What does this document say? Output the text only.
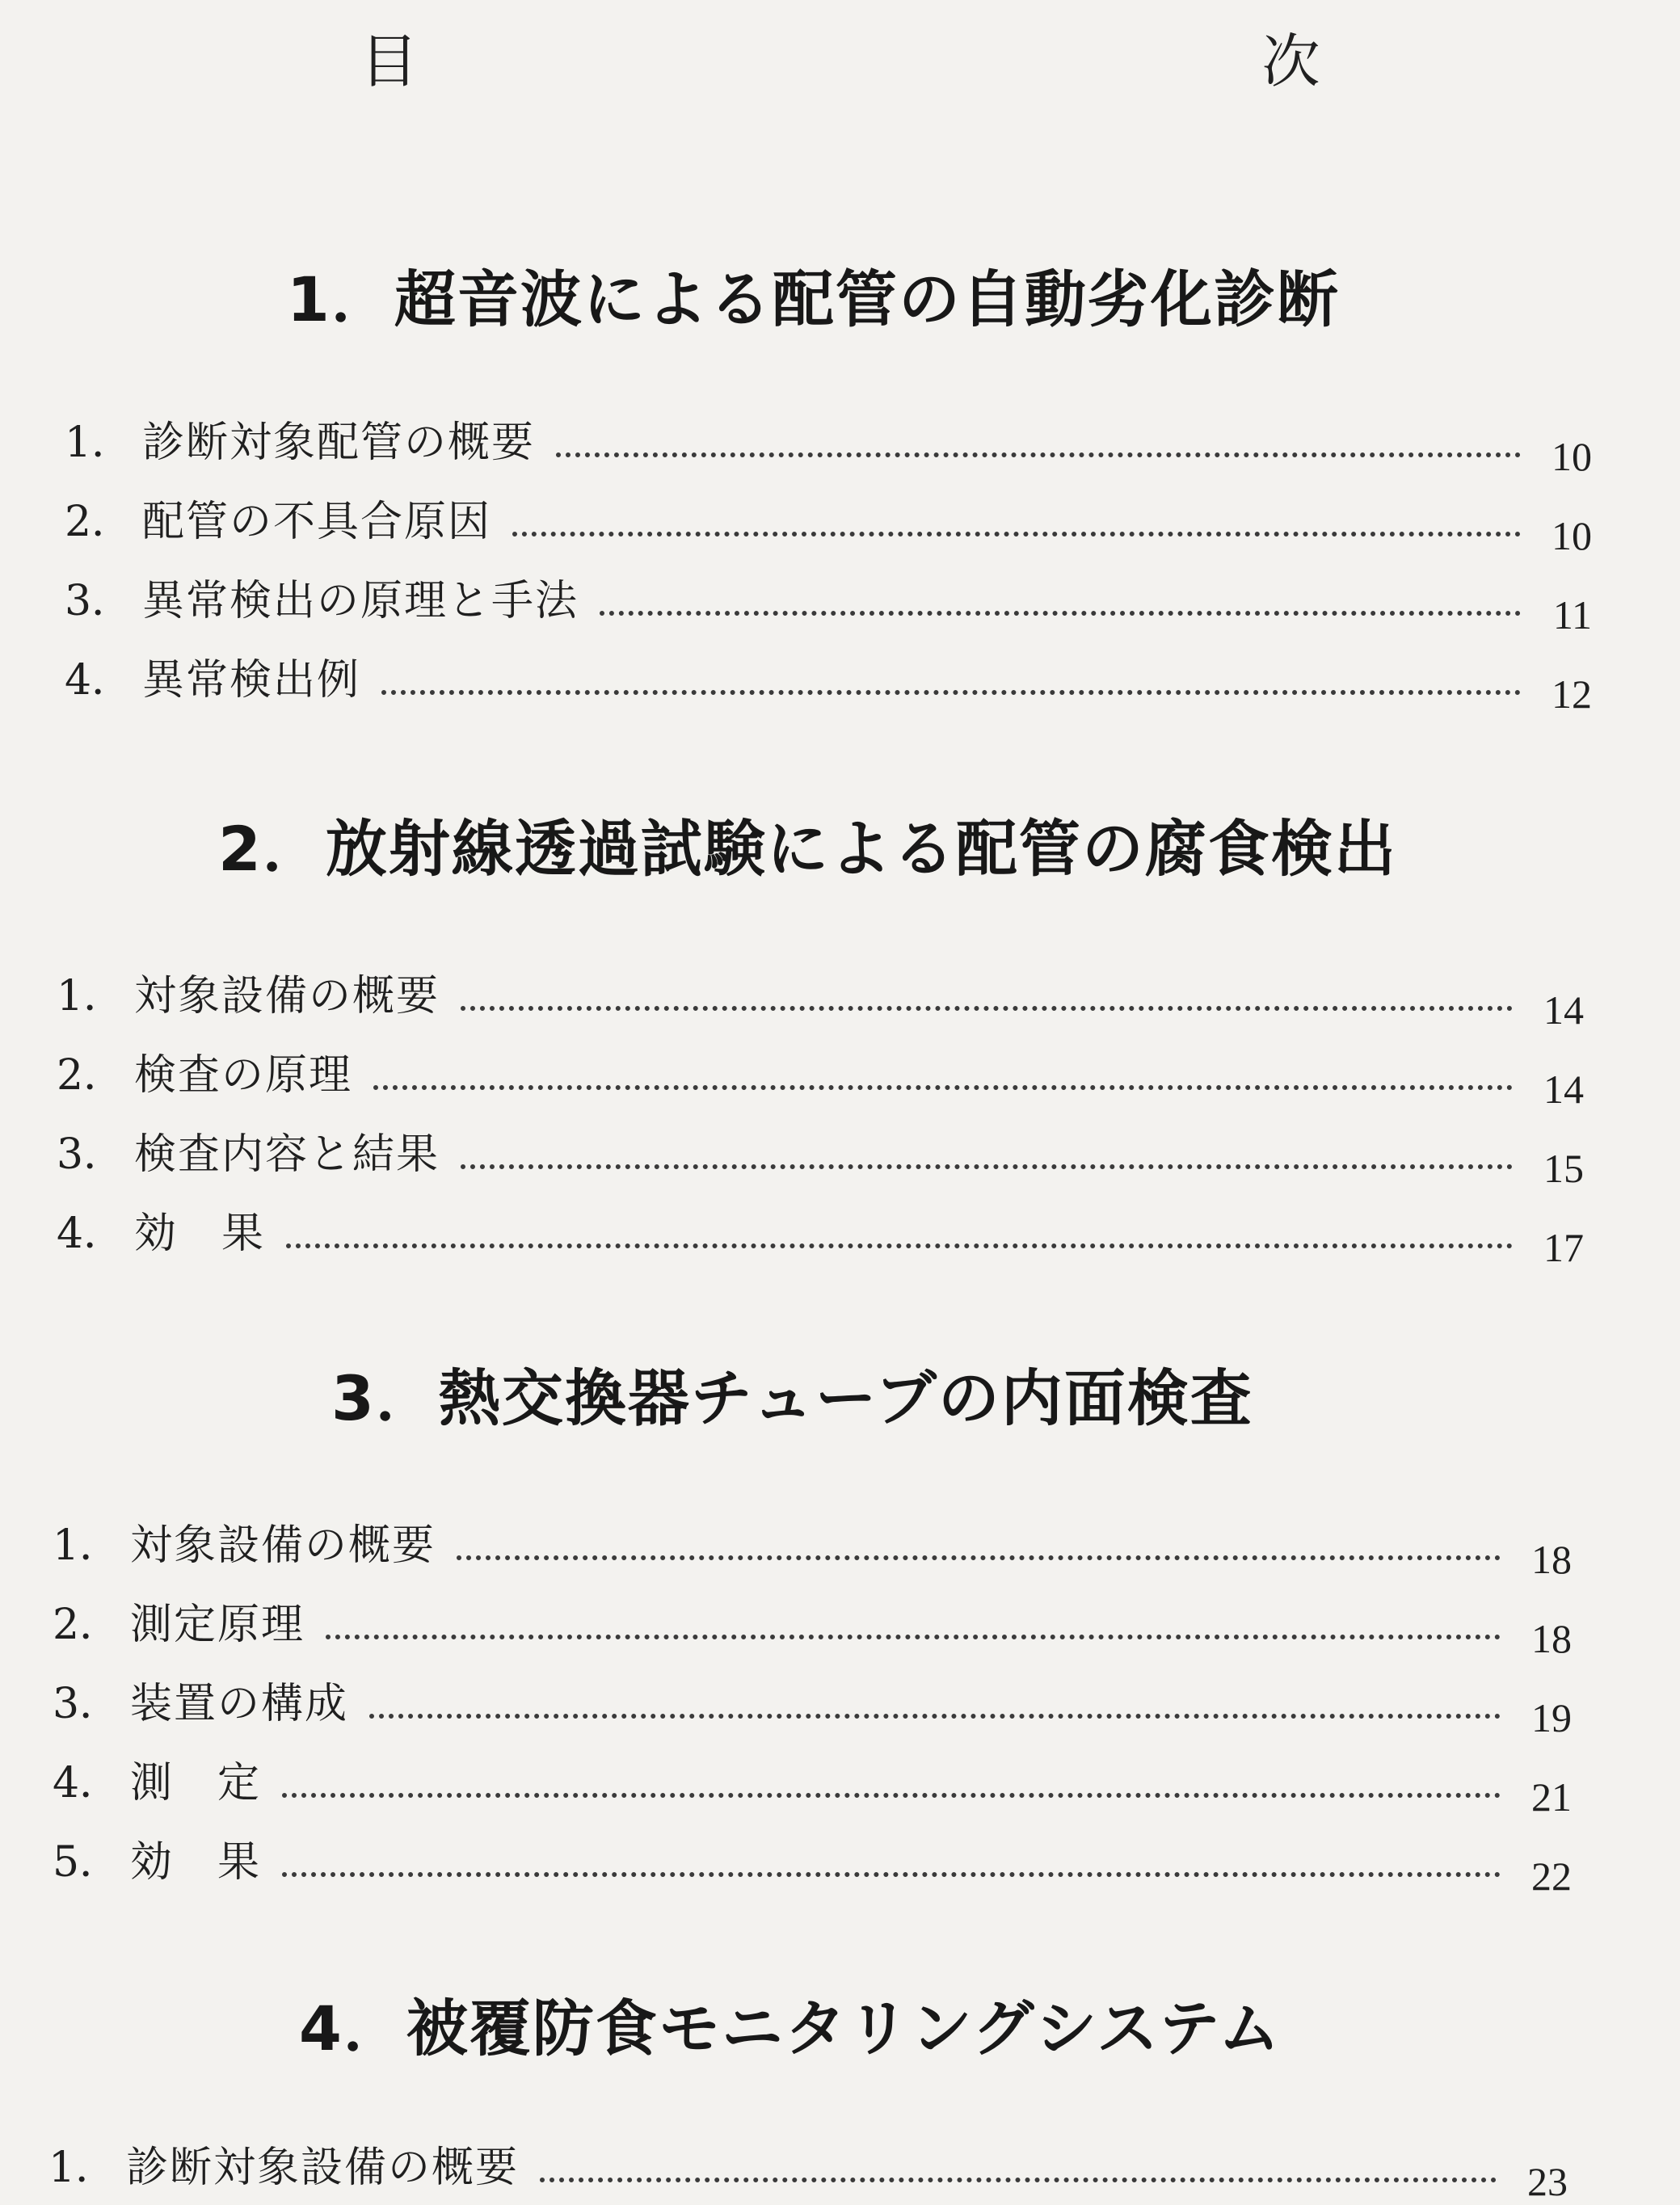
目　　次
1．超音波による配管の自動劣化診断
1． 診断対象配管の概要	10
2． 配管の不具合原因	10
3． 異常検出の原理と手法	11
4． 異常検出例	12
2．放射線透過試験による配管の腐食検出
1． 対象設備の概要	14
2． 検査の原理	14
3． 検査内容と結果	15
4． 効　果	17
3．熱交換器チューブの内面検査
1． 対象設備の概要	18
2． 測定原理	18
3． 装置の構成	19
4． 測　定	21
5． 効　果	22
4．被覆防食モニタリングシステム
1． 診断対象設備の概要	23
